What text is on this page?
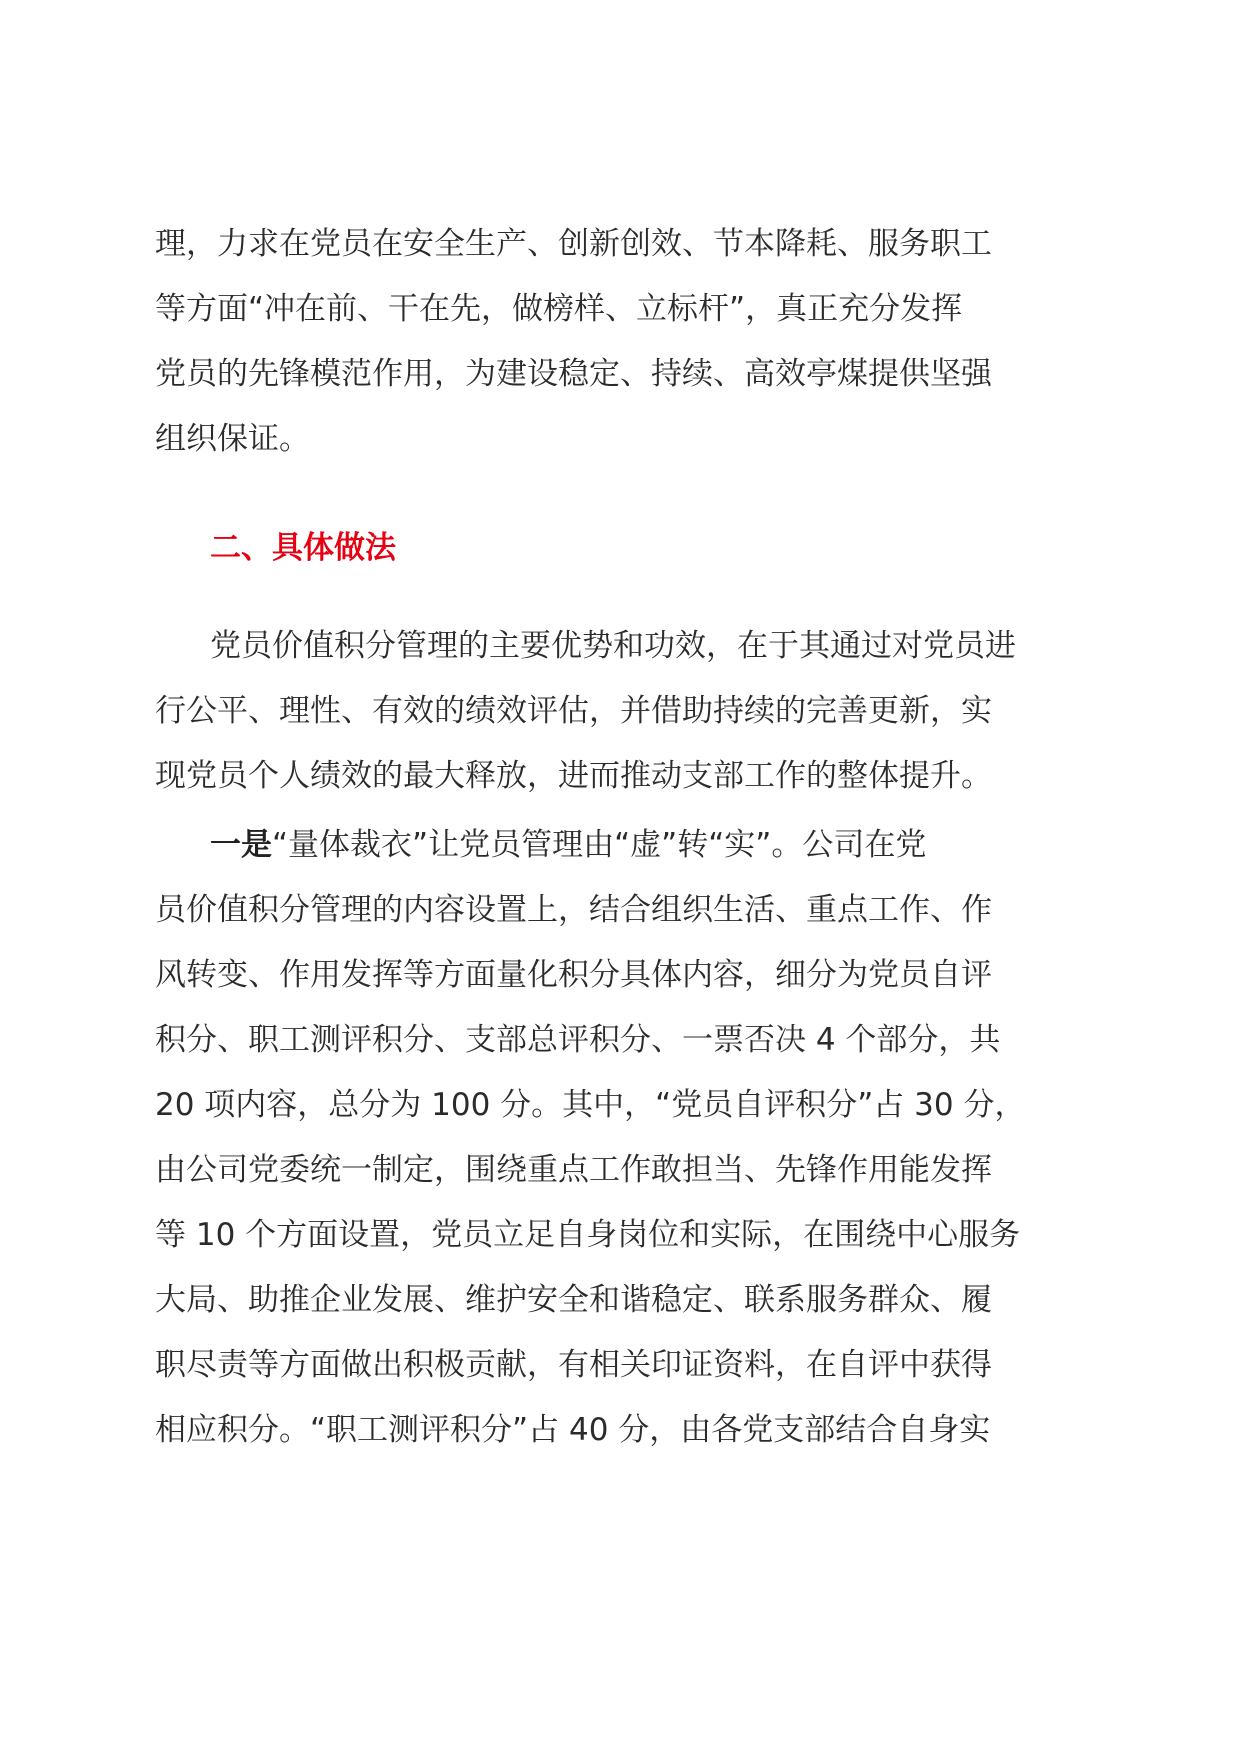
理，力求在党员在安全生产、创新创效、节本降耗、服务职工
等方面“冲在前、干在先，做榜样、立标杆”，真正充分发挥
党员的先锋模范作用，为建设稳定、持续、高效亭煤提供坚强
组织保证。
二、具体做法
党员价值积分管理的主要优势和功效，在于其通过对党员进
行公平、理性、有效的绩效评估，并借助持续的完善更新，实
现党员个人绩效的最大释放，进而推动支部工作的整体提升。
一是“量体裁衣”让党员管理由“虚”转“实”。公司在党
员价值积分管理的内容设置上，结合组织生活、重点工作、作
风转变、作用发挥等方面量化积分具体内容，细分为党员自评
积分、职工测评积分、支部总评积分、一票否决 4 个部分，共
20 项内容，总分为 100 分。其中，“党员自评积分”占 30 分，
由公司党委统一制定，围绕重点工作敢担当、先锋作用能发挥
等 10 个方面设置，党员立足自身岗位和实际，在围绕中心服务
大局、助推企业发展、维护安全和谐稳定、联系服务群众、履
职尽责等方面做出积极贡献，有相关印证资料，在自评中获得
相应积分。“职工测评积分”占 40 分，由各党支部结合自身实
